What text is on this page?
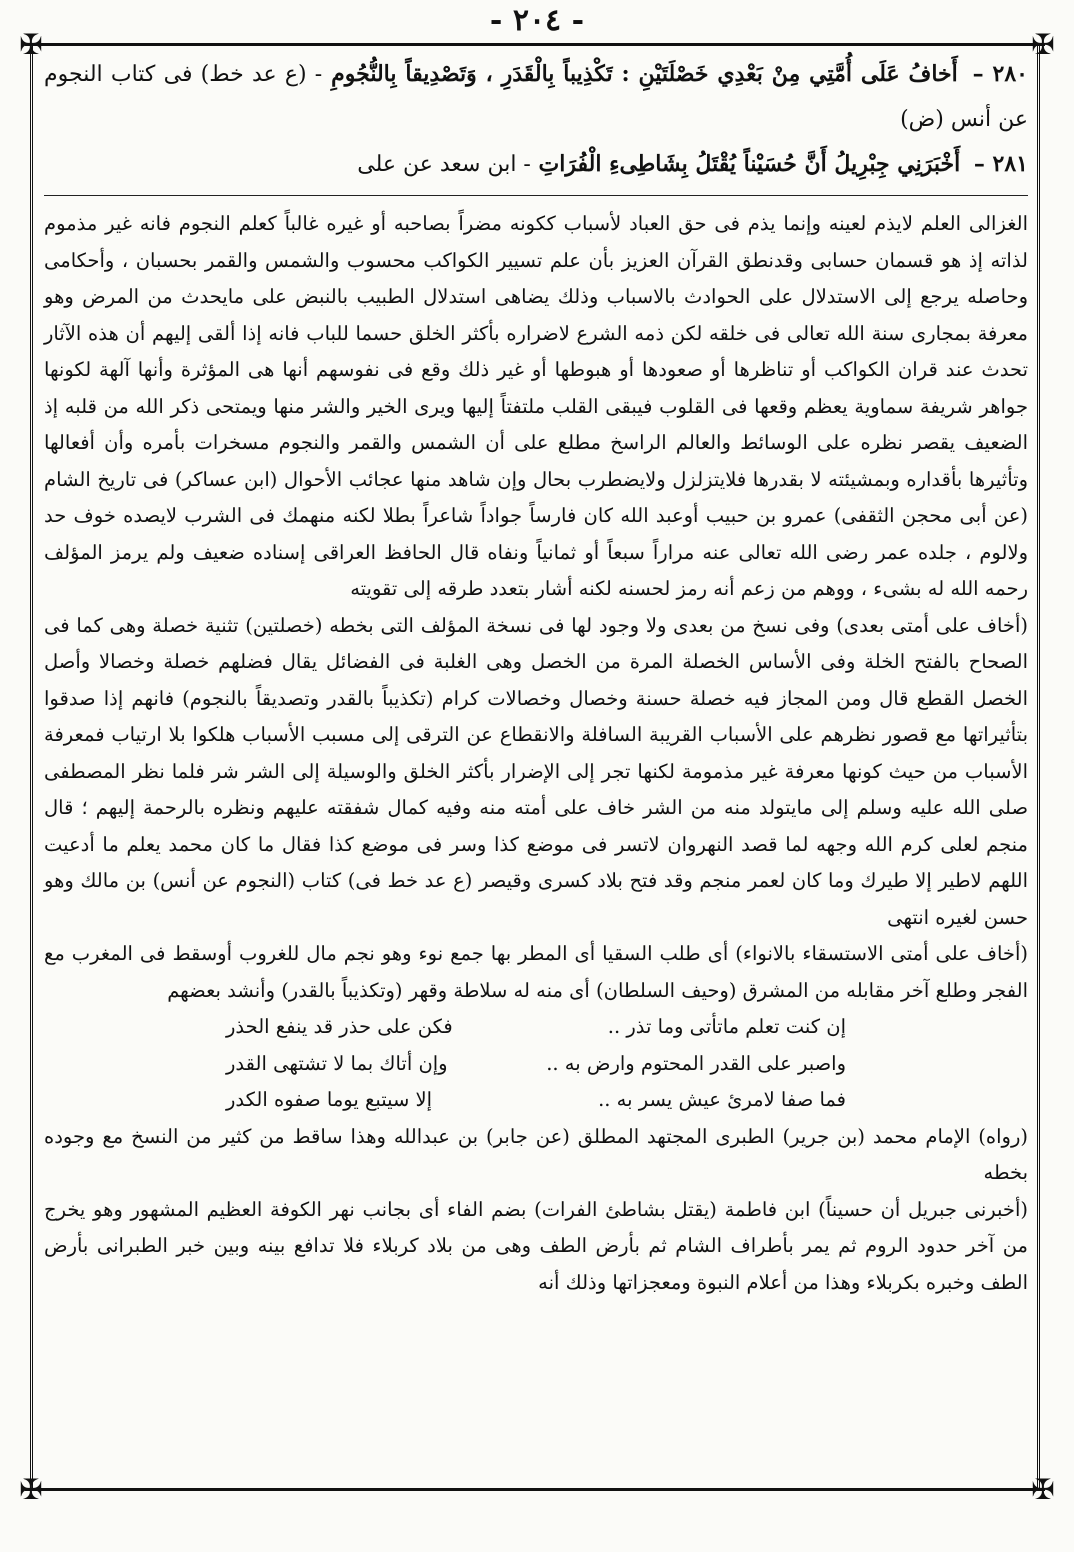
- ٢٠٤ -
✠	✠
✠	✠

٢٨٠ – أَخافُ عَلَى أُمَّتِي مِنْ بَعْدِي خَصْلَتَيْنِ : تَكْذِيباً بِالْقَدَرِ ، وَتَصْدِيقاً بِالنُّجُومِ - (ع عد خط) فى كتاب النجوم عن أنس (ض)

٢٨١ – أَخْبَرَنِي جِبْرِيلُ أَنَّ حُسَيْناً يُقْتَلُ بِشَاطِىءِ الْفُرَاتِ - ابن سعد عن على

الغزالى العلم لايذم لعينه وإنما يذم فى حق العباد لأسباب ككونه مضراً بصاحبه أو غيره غالباً كعلم النجوم فانه غير مذموم لذاته إذ هو قسمان حسابى وقدنطق القرآن العزيز بأن علم تسيير الكواكب محسوب والشمس والقمر بحسبان ، وأحكامى وحاصله يرجع إلى الاستدلال على الحوادث بالاسباب وذلك يضاهى استدلال الطبيب بالنبض على مايحدث من المرض وهو معرفة بمجارى سنة الله تعالى فى خلقه لكن ذمه الشرع لاضراره بأكثر الخلق حسما للباب فانه إذا ألقى إليهم أن هذه الآثار تحدث عند قران الكواكب أو تناظرها أو صعودها أو هبوطها أو غير ذلك وقع فى نفوسهم أنها هى المؤثرة وأنها آلهة لكونها جواهر شريفة سماوية يعظم وقعها فى القلوب فيبقى القلب ملتفتاً إليها ويرى الخير والشر منها ويمتحى ذكر الله من قلبه إذ الضعيف يقصر نظره على الوسائط والعالم الراسخ مطلع على أن الشمس والقمر والنجوم مسخرات بأمره وأن أفعالها وتأثيرها بأقداره وبمشيئته لا بقدرها فلايتزلزل ولايضطرب بحال وإن شاهد منها عجائب الأحوال (ابن عساكر) فى تاريخ الشام (عن أبى محجن الثقفى) عمرو بن حبيب أوعبد الله كان فارساً جواداً شاعراً بطلا لكنه منهمك فى الشرب لايصده خوف حد ولالوم ، جلده عمر رضى الله تعالى عنه مراراً سبعاً أو ثمانياً ونفاه قال الحافظ العراقى إسناده ضعيف ولم يرمز المؤلف رحمه الله له بشىء ، ووهم من زعم أنه رمز لحسنه لكنه أشار بتعدد طرقه إلى تقويته

(أخاف على أمتى بعدى) وفى نسخ من بعدى ولا وجود لها فى نسخة المؤلف التى بخطه (خصلتين) تثنية خصلة وهى كما فى الصحاح بالفتح الخلة وفى الأساس الخصلة المرة من الخصل وهى الغلبة فى الفضائل يقال فضلهم خصلة وخصالا وأصل الخصل القطع قال ومن المجاز فيه خصلة حسنة وخصال وخصالات كرام (تكذيباً بالقدر وتصديقاً بالنجوم) فانهم إذا صدقوا بتأثيراتها مع قصور نظرهم على الأسباب القريبة السافلة والانقطاع عن الترقى إلى مسبب الأسباب هلكوا بلا ارتياب فمعرفة الأسباب من حيث كونها معرفة غير مذمومة لكنها تجر إلى الإضرار بأكثر الخلق والوسيلة إلى الشر شر فلما نظر المصطفى صلى الله عليه وسلم إلى مايتولد منه من الشر خاف على أمته منه وفيه كمال شفقته عليهم ونظره بالرحمة إليهم ؛ قال منجم لعلى كرم الله وجهه لما قصد النهروان لاتسر فى موضع كذا وسر فى موضع كذا فقال ما كان محمد يعلم ما أدعيت اللهم لاطير إلا طيرك وما كان لعمر منجم وقد فتح بلاد كسرى وقيصر (ع عد خط فى) كتاب (النجوم عن أنس) بن مالك وهو حسن لغيره انتهى

(أخاف على أمتى الاستسقاء بالانواء) أى طلب السقيا أى المطر بها جمع نوء وهو نجم مال للغروب أوسقط فى المغرب مع الفجر وطلع آخر مقابله من المشرق (وحيف السلطان) أى منه له سلاطة وقهر (وتكذيباً بالقدر) وأنشد بعضهم

إن كنت تعلم ماتأتى وما تذر ..
فكن على حذر قد ينفع الحذر
واصبر على القدر المحتوم وارض به ..
وإن أتاك بما لا تشتهى القدر
فما صفا لامرئ عيش يسر به ..
إلا سيتبع يوما صفوه الكدر

(رواه) الإمام محمد (بن جرير) الطبرى المجتهد المطلق (عن جابر) بن عبدالله وهذا ساقط من كثير من النسخ مع وجوده بخطه

(أخبرنى جبريل أن حسيناً) ابن فاطمة (يقتل بشاطئ الفرات) بضم الفاء أى بجانب نهر الكوفة العظيم المشهور وهو يخرج من آخر حدود الروم ثم يمر بأطراف الشام ثم بأرض الطف وهى من بلاد كربلاء فلا تدافع بينه وبين خبر الطبرانى بأرض الطف وخبره بكربلاء وهذا من أعلام النبوة ومعجزاتها وذلك أنه
